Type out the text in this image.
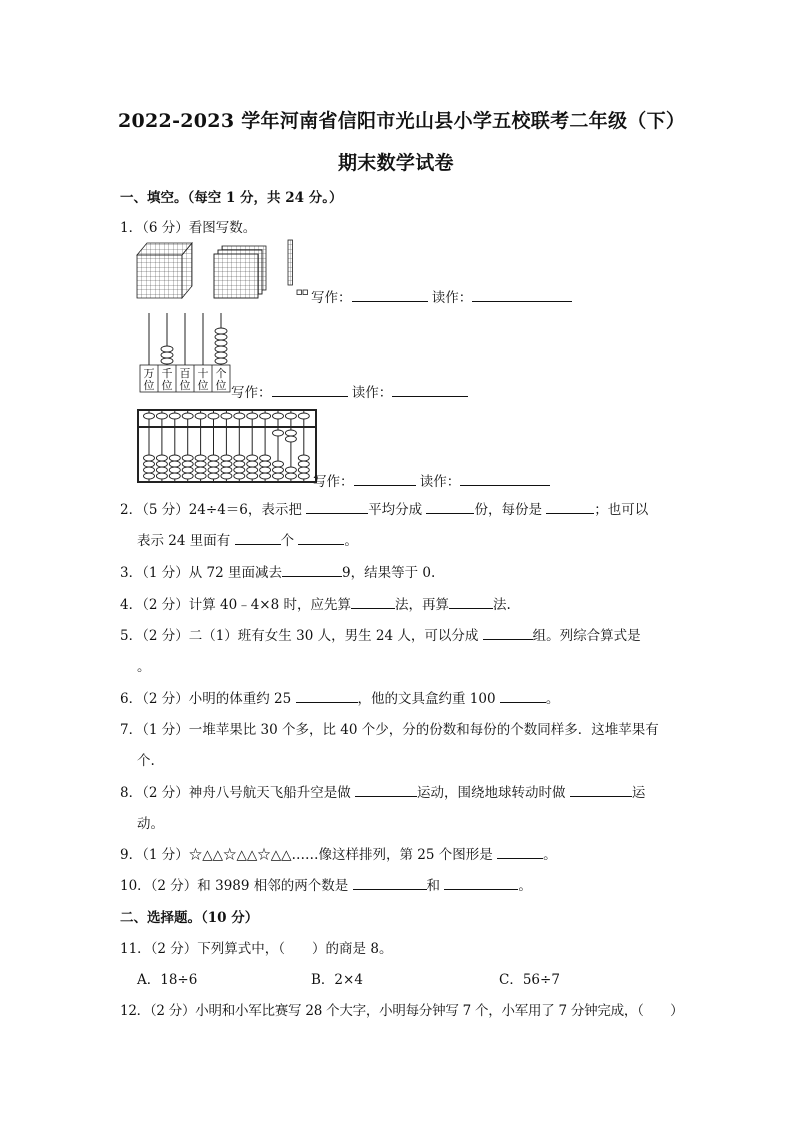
2022-2023 学年河南省信阳市光山县小学五校联考二年级（下）
期末数学试卷
一、填空。（每空 1 分，共 24 分。）
1．（6 分）看图写数。
写作：	读作：
万
位
千
位
百
位
十
位
个
位 写作：	读作：
写作：	读作：
2．（5 分）24÷4＝6，表示把	平均分成	份，每份是	；也可以
表示 24 里面有	个	。
3．（1 分）从 72 里面减去	9，结果等于 0.
4．（2 分）计算 40﹣4×8 时，应先算	法，再算	法.
5．（2 分）二（1）班有女生 30 人，男生 24 人，可以分成	组。列综合算式是
。
6．（2 分）小明的体重约 25	，他的文具盒约重 100	。
7．（1 分）一堆苹果比 30 个多，比 40 个少，分的份数和每份的个数同样多．这堆苹果有
个.
8．（2 分）神舟八号航天飞船升空是做	运动，围绕地球转动时做	运
动。
9．（1 分）☆△△☆△△☆△△……像这样排列，第 25 个图形是	。
10．（2 分）和 3989 相邻的两个数是	和	。
二、选择题。（10 分）
11．（2 分）下列算式中，（　　）的商是 8。
A．18÷6	B．2×4	C．56÷7
12．（2 分）小明和小军比赛写 28 个大字，小明每分钟写 7 个，小军用了 7 分钟完成，（　　）
